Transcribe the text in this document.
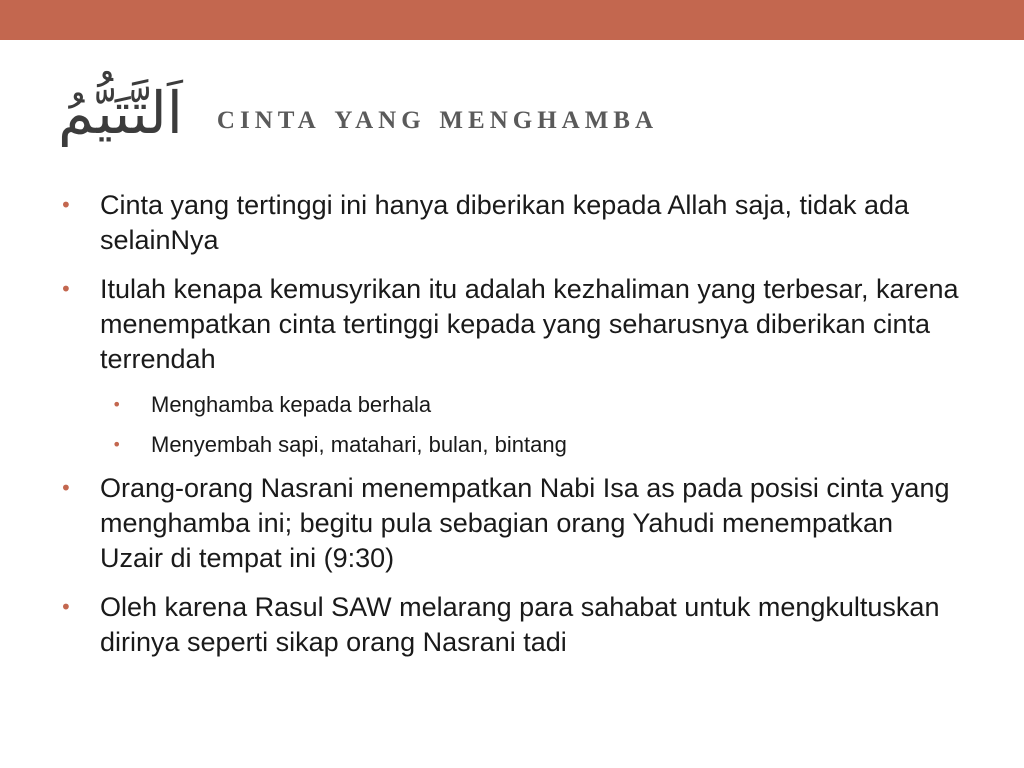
اَلتَّتَيُّمُ cinta yang menghamba
• Cinta yang tertinggi ini hanya diberikan kepada Allah saja, tidak ada selainNya
• Itulah kenapa kemusyrikan itu adalah kezhaliman yang terbesar, karena menempatkan cinta tertinggi kepada yang seharusnya diberikan cinta terrendah
• Menghamba kepada berhala
• Menyembah sapi, matahari, bulan, bintang
• Orang-orang Nasrani menempatkan Nabi Isa as pada posisi cinta yang menghamba ini; begitu pula sebagian orang Yahudi menempatkan Uzair di tempat ini (9:30)
• Oleh karena Rasul SAW melarang para sahabat untuk mengkultuskan dirinya seperti sikap orang Nasrani tadi
